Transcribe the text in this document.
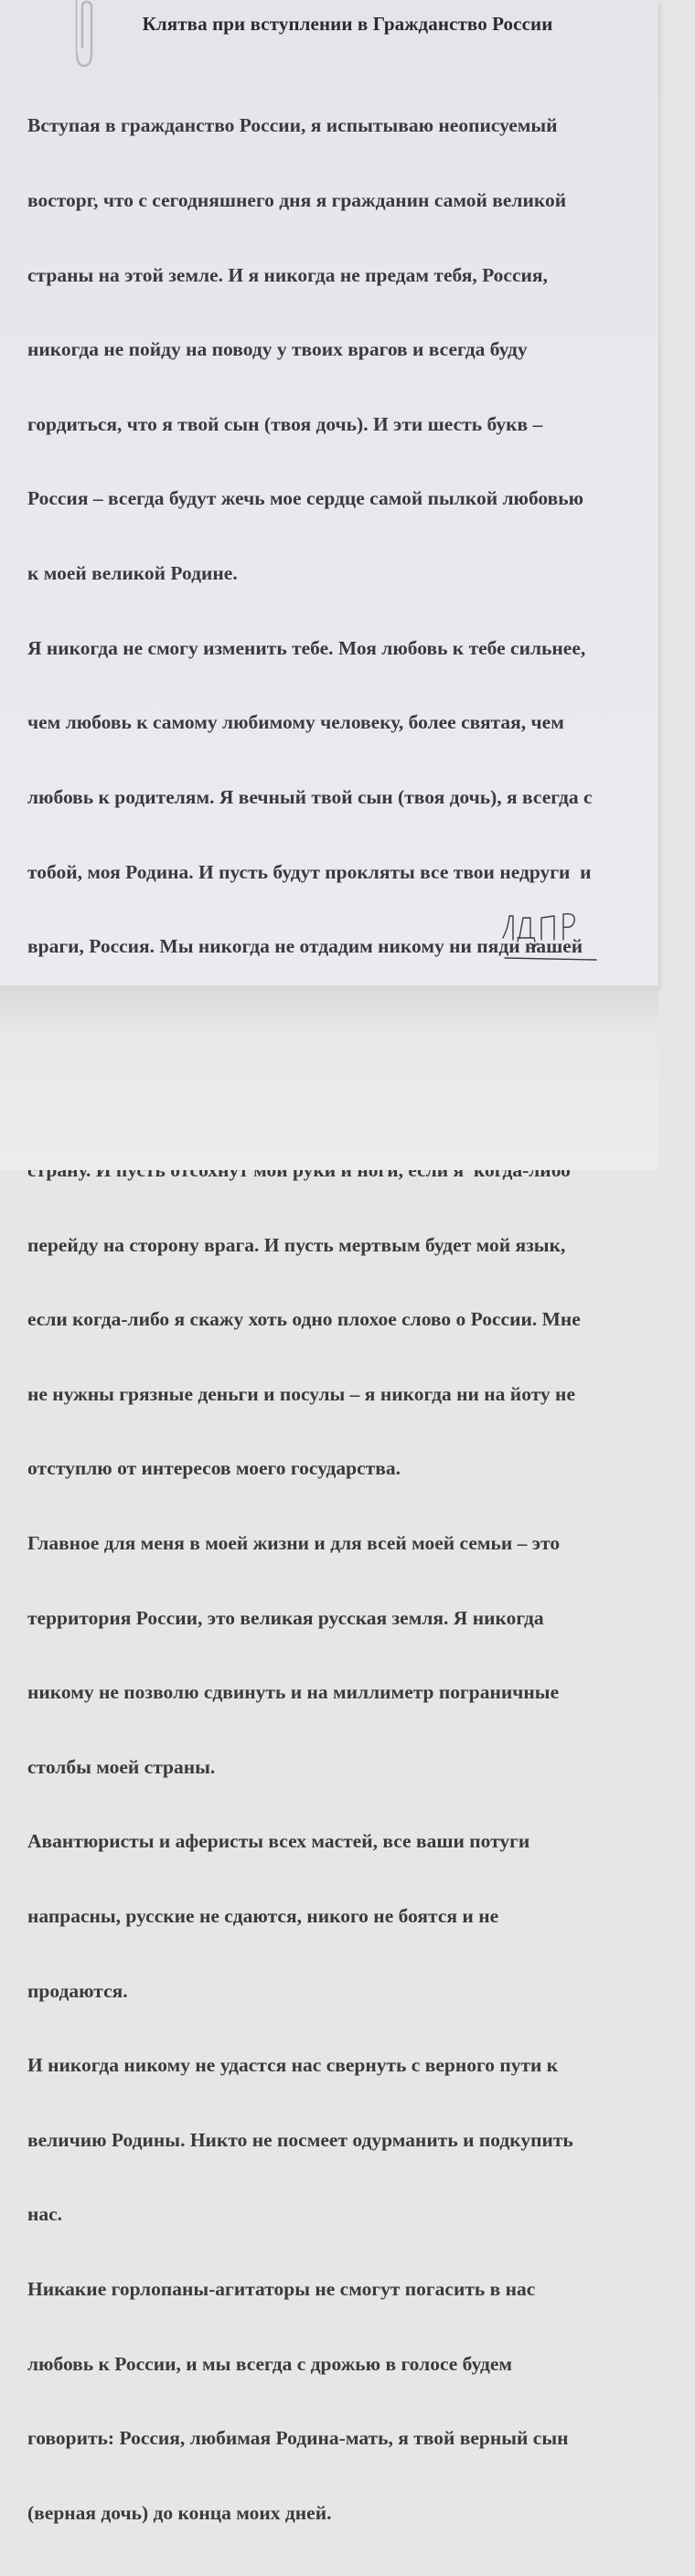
Клятва при вступлении в Гражданство России

Вступая в гражданство России, я испытываю неописуемый

восторг, что с сегодняшнего дня я гражданин самой великой

страны на этой земле. И я никогда не предам тебя, Россия,

никогда не пойду на поводу у твоих врагов и всегда буду

гордиться, что я твой сын (твоя дочь). И эти шесть букв –

Россия – всегда будут жечь мое сердце самой пылкой любовью

к моей великой Родине.

Я никогда не смогу изменить тебе. Моя любовь к тебе сильнее,

чем любовь к самому любимому человеку, более святая, чем

любовь к родителям. Я вечный твой сын (твоя дочь), я всегда с

тобой, моя Родина. И пусть будут прокляты все твои недруги  и

враги, Россия. Мы никогда не отдадим никому ни пяди нашей

перейду на сторону врага. И пусть мертвым будет мой язык,

если когда-либо я скажу хоть одно плохое слово о России. Мне

не нужны грязные деньги и посулы – я никогда ни на йоту не

отступлю от интересов моего государства.

Главное для меня в моей жизни и для всей моей семьи – это

территория России, это великая русская земля. Я никогда

никому не позволю сдвинуть и на миллиметр пограничные

столбы моей страны.

Авантюристы и аферисты всех мастей, все ваши потуги

напрасны, русские не сдаются, никого не боятся и не

продаются.

И никогда никому не удастся нас свернуть с верного пути к

величию Родины. Никто не посмеет одурманить и подкупить

нас.

Никакие горлопаны-агитаторы не смогут погасить в нас

любовь к России, и мы всегда с дрожью в голосе будем

говорить: Россия, любимая Родина-мать, я твой верный сын

(верная дочь) до конца моих дней.
